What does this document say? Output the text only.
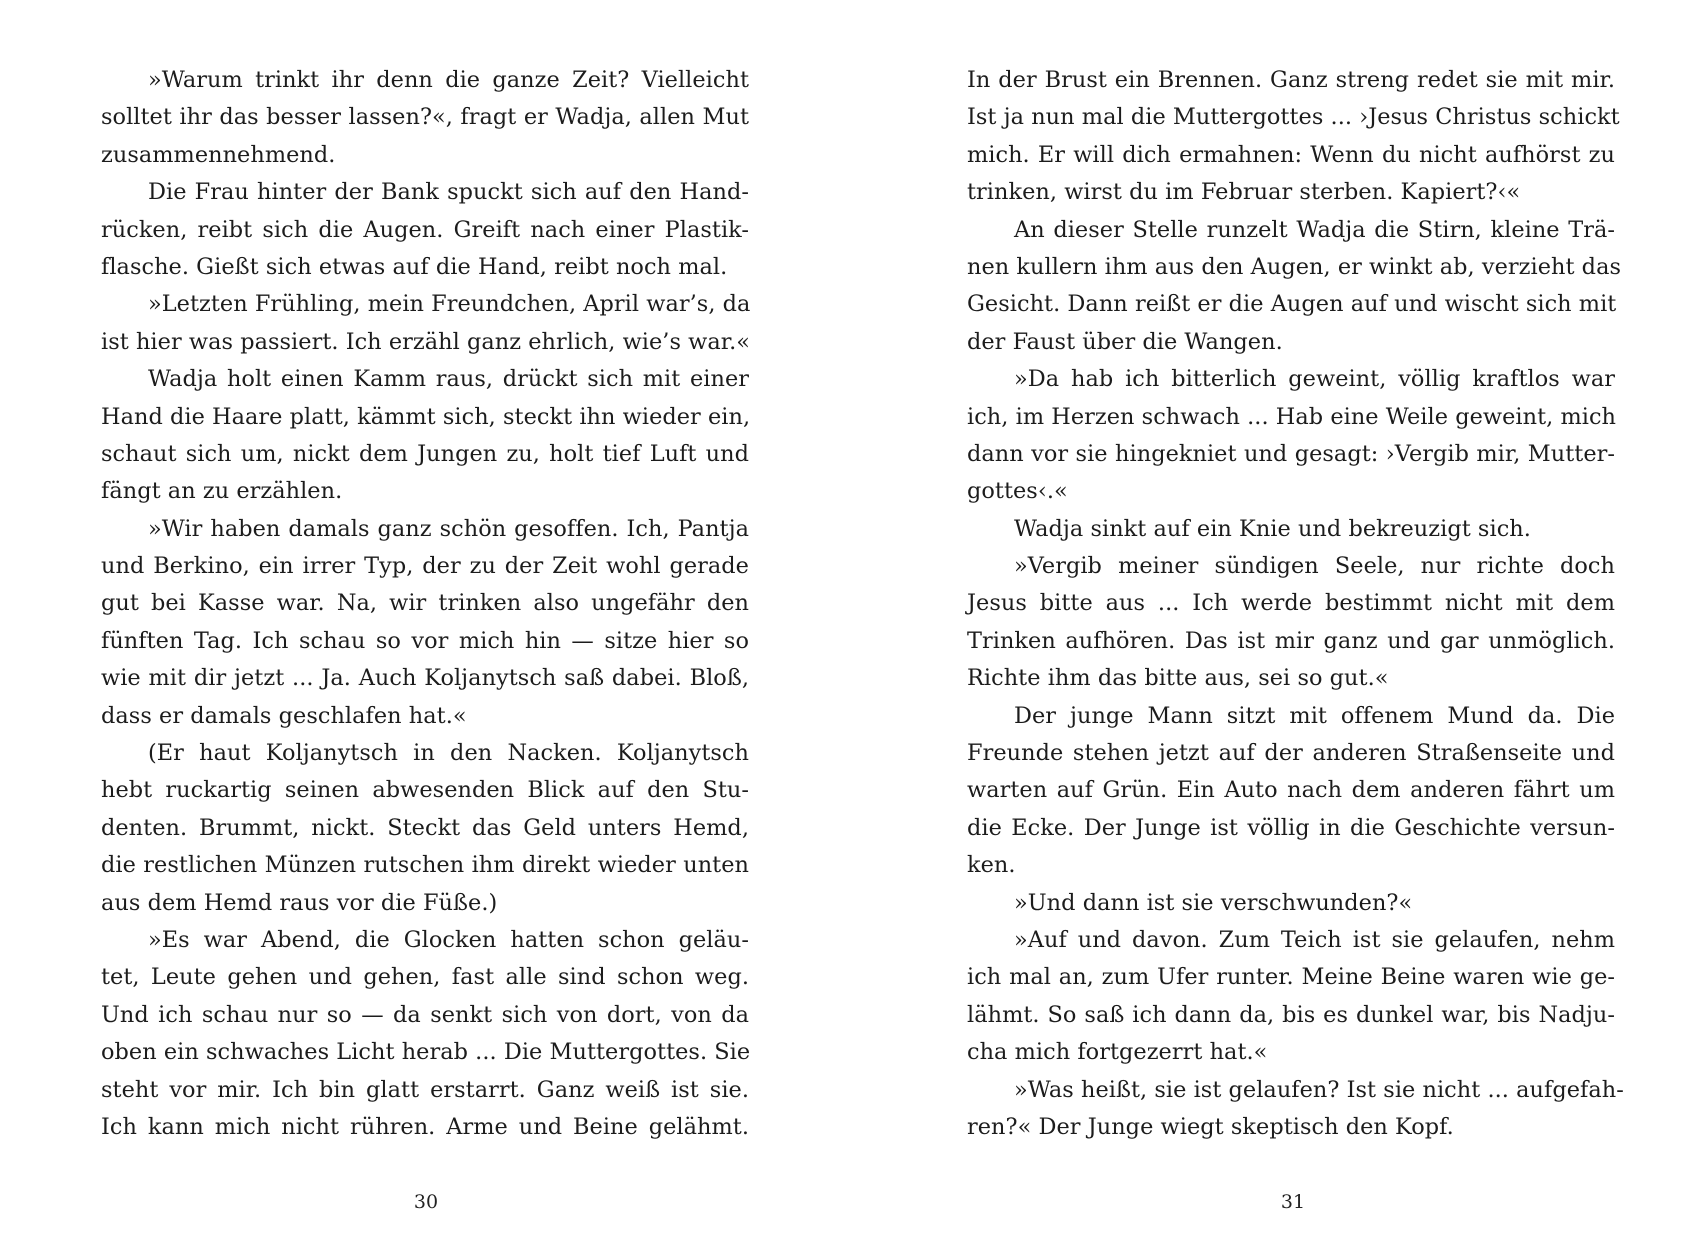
»Warum trinkt ihr denn die ganze Zeit? Vielleicht
solltet ihr das besser lassen?«, fragt er Wadja, allen Mut
zusammennehmend.
Die Frau hinter der Bank spuckt sich auf den Hand-
rücken, reibt sich die Augen. Greift nach einer Plastik-
flasche. Gießt sich etwas auf die Hand, reibt noch mal.
»Letzten Frühling, mein Freundchen, April war’s, da
ist hier was passiert. Ich erzähl ganz ehrlich, wie’s war.«
Wadja holt einen Kamm raus, drückt sich mit einer
Hand die Haare platt, kämmt sich, steckt ihn wieder ein,
schaut sich um, nickt dem Jungen zu, holt tief Luft und
fängt an zu erzählen.
»Wir haben damals ganz schön gesoffen. Ich, Pantja
und Berkino, ein irrer Typ, der zu der Zeit wohl gerade
gut bei Kasse war. Na, wir trinken also ungefähr den
fünften Tag. Ich schau so vor mich hin — sitze hier so
wie mit dir jetzt ... Ja. Auch Koljanytsch saß dabei. Bloß,
dass er damals geschlafen hat.«
(Er haut Koljanytsch in den Nacken. Koljanytsch
hebt ruckartig seinen abwesenden Blick auf den Stu-
denten. Brummt, nickt. Steckt das Geld unters Hemd,
die restlichen Münzen rutschen ihm direkt wieder unten
aus dem Hemd raus vor die Füße.)
»Es war Abend, die Glocken hatten schon geläu-
tet, Leute gehen und gehen, fast alle sind schon weg.
Und ich schau nur so — da senkt sich von dort, von da
oben ein schwaches Licht herab ... Die Muttergottes. Sie
steht vor mir. Ich bin glatt erstarrt. Ganz weiß ist sie.
Ich kann mich nicht rühren. Arme und Beine gelähmt.
30
In der Brust ein Brennen. Ganz streng redet sie mit mir.
Ist ja nun mal die Muttergottes ... ›Jesus Christus schickt
mich. Er will dich ermahnen: Wenn du nicht aufhörst zu
trinken, wirst du im Februar sterben. Kapiert?‹«
An dieser Stelle runzelt Wadja die Stirn, kleine Trä-
nen kullern ihm aus den Augen, er winkt ab, verzieht das
Gesicht. Dann reißt er die Augen auf und wischt sich mit
der Faust über die Wangen.
»Da hab ich bitterlich geweint, völlig kraftlos war
ich, im Herzen schwach ... Hab eine Weile geweint, mich
dann vor sie hingekniet und gesagt: ›Vergib mir, Mutter-
gottes‹.«
Wadja sinkt auf ein Knie und bekreuzigt sich.
»Vergib meiner sündigen Seele, nur richte doch
Jesus bitte aus ... Ich werde bestimmt nicht mit dem
Trinken aufhören. Das ist mir ganz und gar unmöglich.
Richte ihm das bitte aus, sei so gut.«
Der junge Mann sitzt mit offenem Mund da. Die
Freunde stehen jetzt auf der anderen Straßenseite und
warten auf Grün. Ein Auto nach dem anderen fährt um
die Ecke. Der Junge ist völlig in die Geschichte versun-
ken.
»Und dann ist sie verschwunden?«
»Auf und davon. Zum Teich ist sie gelaufen, nehm
ich mal an, zum Ufer runter. Meine Beine waren wie ge-
lähmt. So saß ich dann da, bis es dunkel war, bis Nadju-
cha mich fortgezerrt hat.«
»Was heißt, sie ist gelaufen? Ist sie nicht ... aufgefah-
ren?« Der Junge wiegt skeptisch den Kopf.
31
